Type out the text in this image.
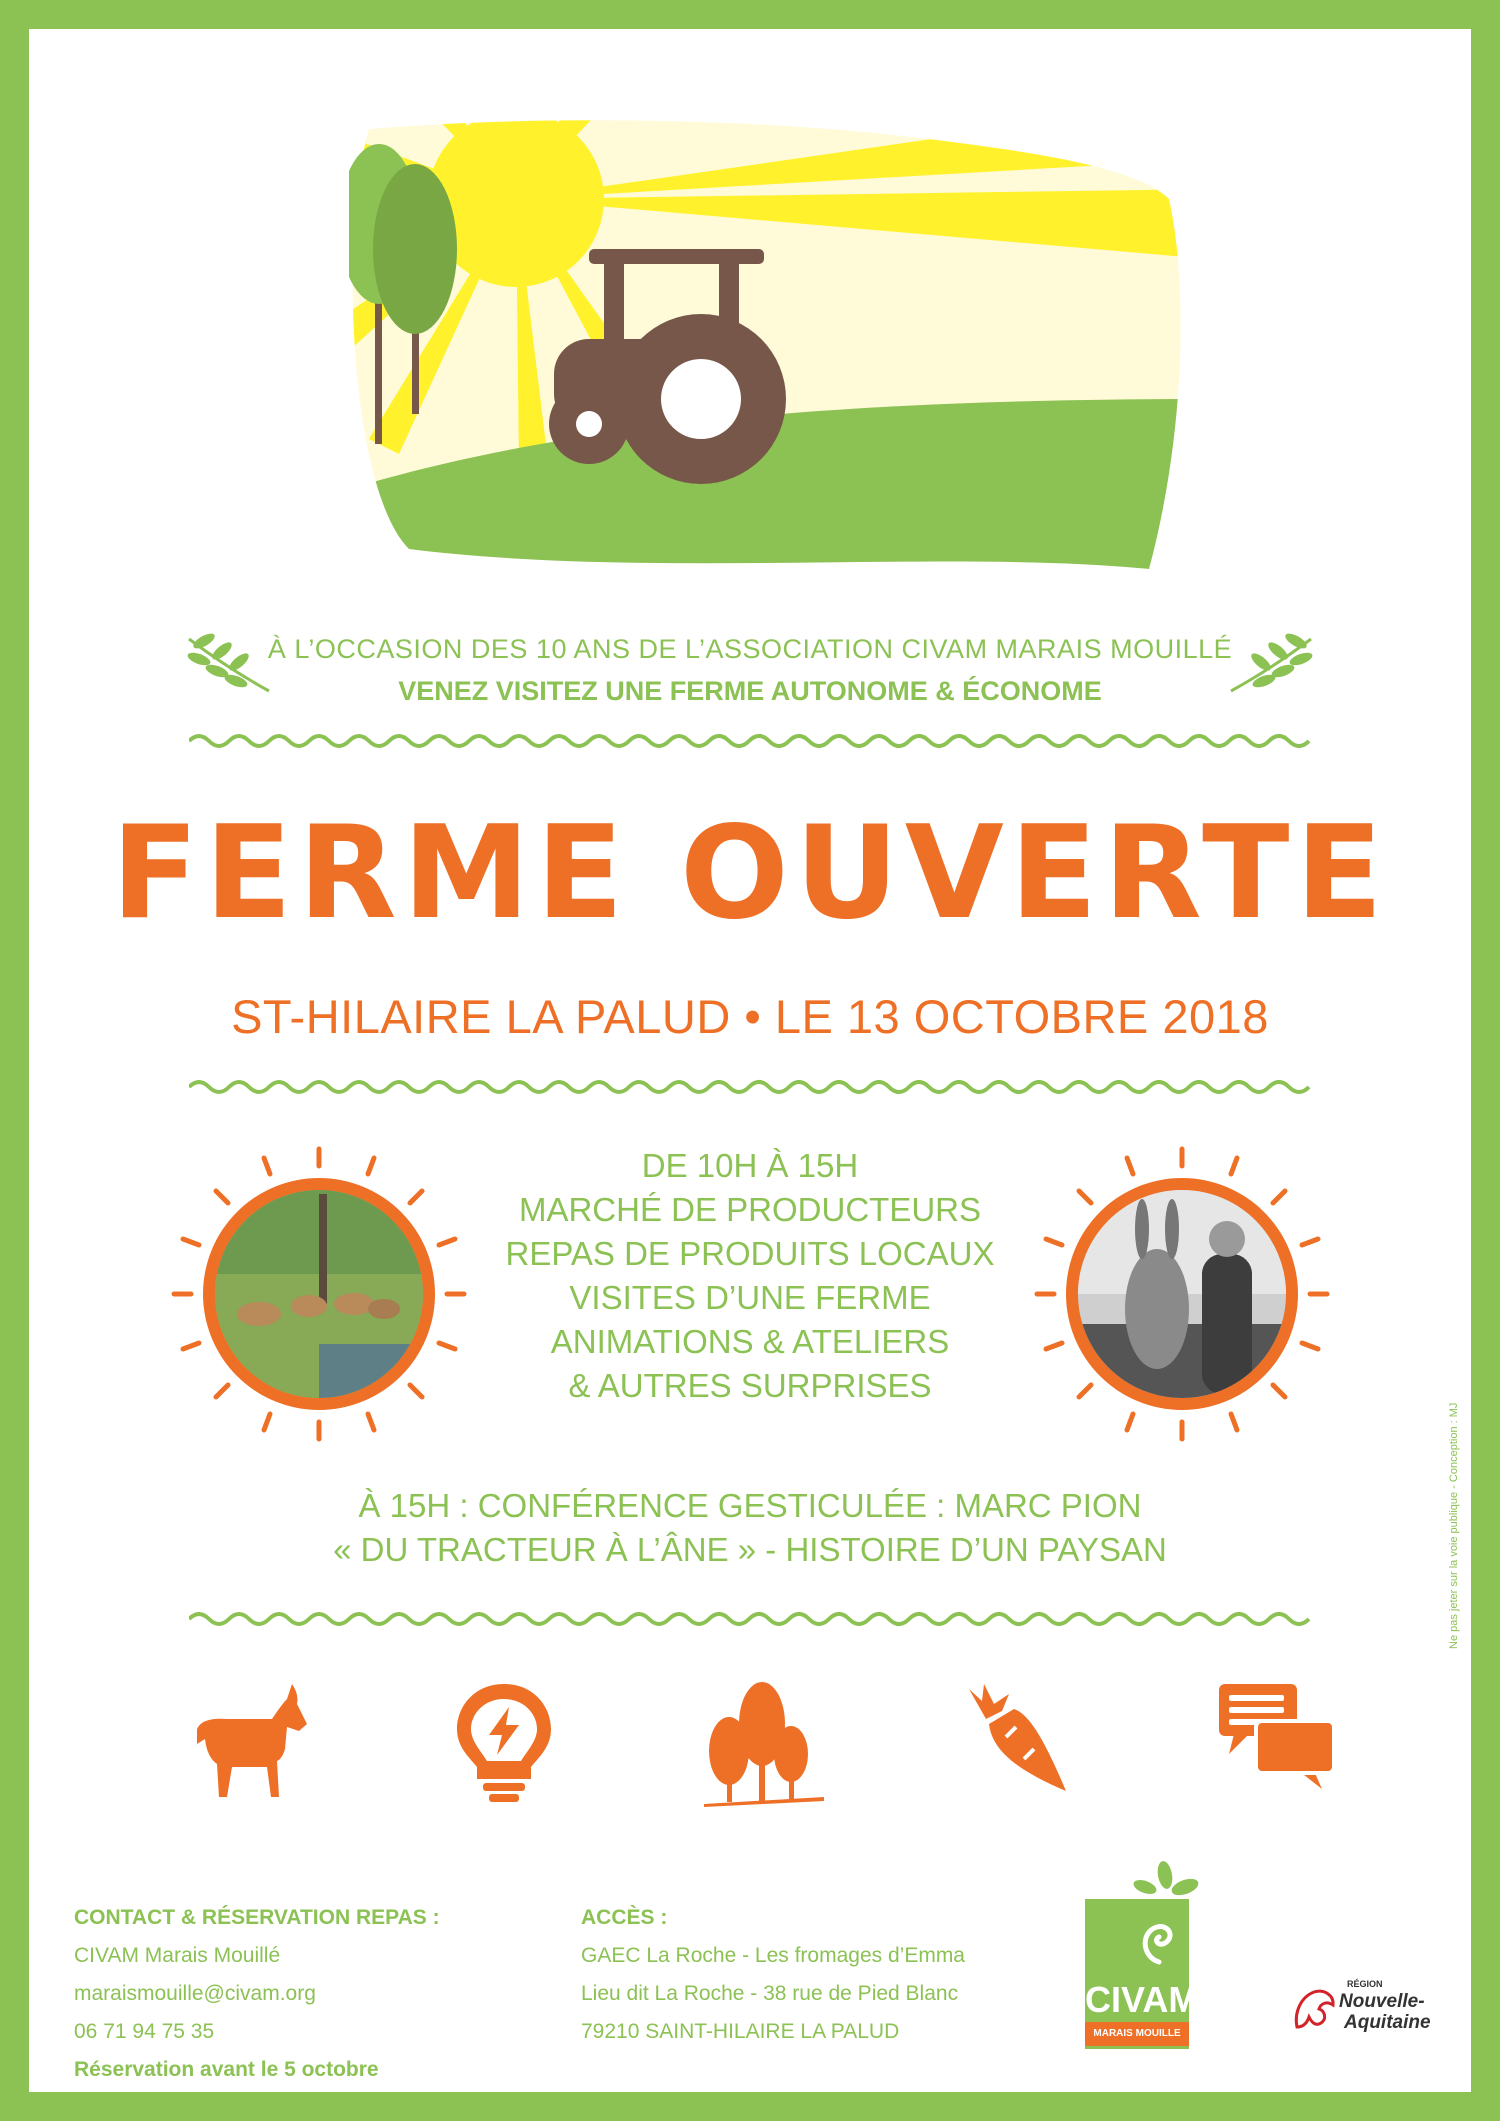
À L’OCCASION DES 10 ANS DE L’ASSOCIATION CIVAM MARAIS MOUILLÉ
VENEZ VISITEZ UNE FERME AUTONOME & ÉCONOME
FERME OUVERTE
ST-HILAIRE LA PALUD • LE 13 OCTOBRE 2018
DE 10H À 15H
MARCHÉ DE PRODUCTEURS
REPAS DE PRODUITS LOCAUX
VISITES D’UNE FERME
ANIMATIONS & ATELIERS
& AUTRES SURPRISES
À 15H : CONFÉRENCE GESTICULÉE : MARC PION
« DU TRACTEUR À L’ÂNE » - HISTOIRE D’UN PAYSAN
CONTACT & RÉSERVATION REPAS :
CIVAM Marais Mouillé
maraismouille@civam.org
06 71 94 75 35
Réservation avant le 5 octobre
ACCÈS :
GAEC La Roche - Les fromages d’Emma
Lieu dit La Roche - 38 rue de Pied Blanc
79210 SAINT-HILAIRE LA PALUD
CIVAM
MARAIS MOUILLE
RÉGION
Nouvelle-
Aquitaine
Ne pas jeter sur la voie publique - Conception : MJ
